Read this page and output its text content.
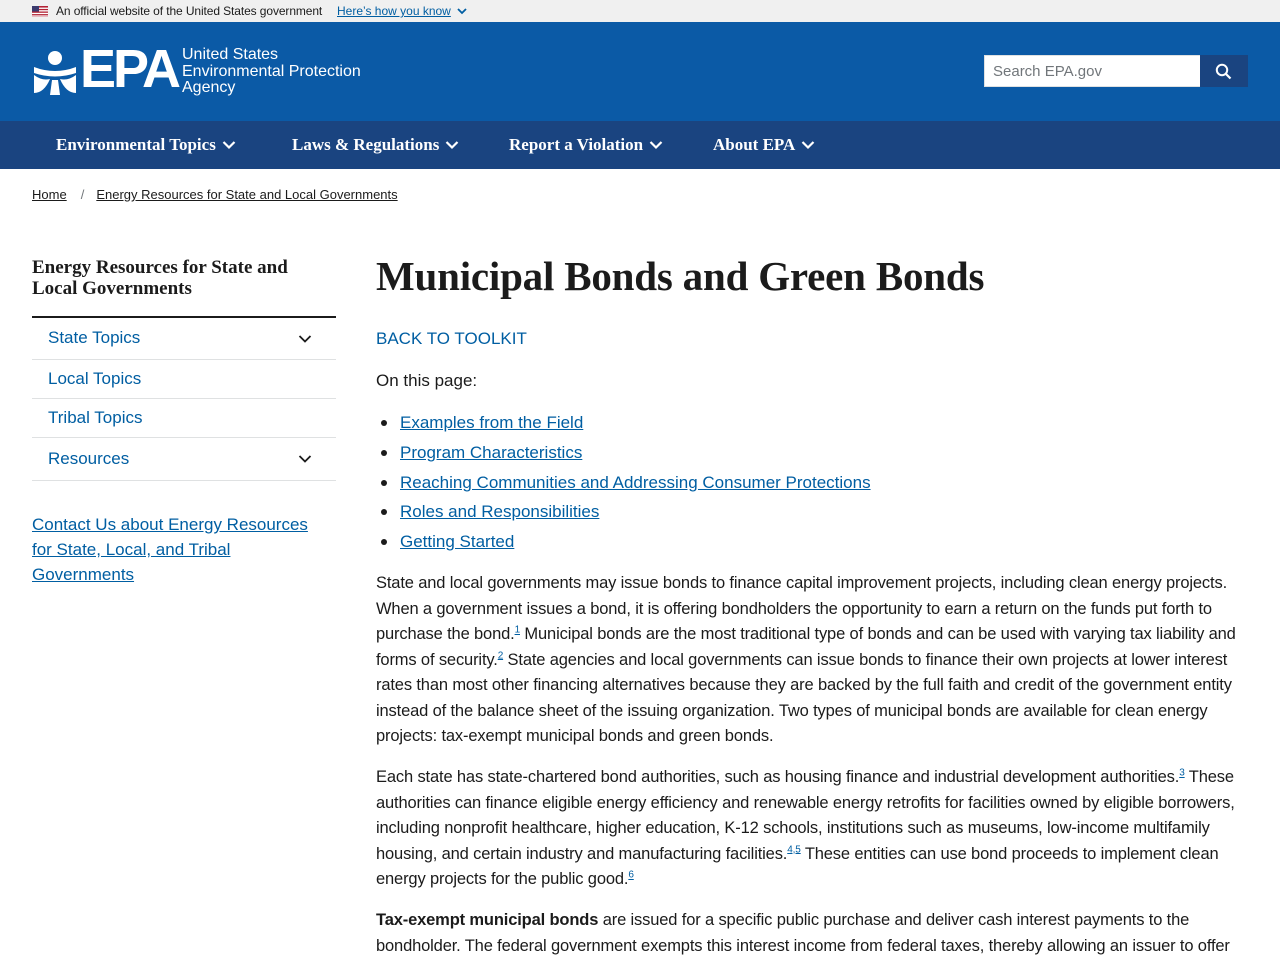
An official website of the United States government Here’s how you know
EPA United States
Environmental Protection
Agency
Search EPA.gov
Environmental Topics	Laws & Regulations	Report a Violation	About EPA
Home / Energy Resources for State and Local Governments
Energy Resources for State and Local Governments
State Topics
Local Topics
Tribal Topics
Resources
Contact Us about Energy Resources for State, Local, and Tribal Governments
Municipal Bonds and Green Bonds
BACK TO TOOLKIT
On this page:
Examples from the Field
Program Characteristics
Reaching Communities and Addressing Consumer Protections
Roles and Responsibilities
Getting Started

State and local governments may issue bonds to finance capital improvement projects, including clean energy projects. When a government issues a bond, it is offering bondholders the opportunity to earn a return on the funds put forth to purchase the bond.$^1$ Municipal bonds are the most traditional type of bonds and can be used with varying tax liability and forms of security.$^2$ State agencies and local governments can issue bonds to finance their own projects at lower interest rates than most other financing alternatives because they are backed by the full faith and credit of the government entity instead of the balance sheet of the issuing organization. Two types of municipal bonds are available for clean energy projects: tax-exempt municipal bonds and green bonds.

Each state has state-chartered bond authorities, such as housing finance and industrial development authorities.$^3$ These authorities can finance eligible energy efficiency and renewable energy retrofits for facilities owned by eligible borrowers, including nonprofit healthcare, higher education, K-12 schools, institutions such as museums, low-income multifamily housing, and certain industry and manufacturing facilities.$^{4,5}$ These entities can use bond proceeds to implement clean energy projects for the public good.$^6$

Tax-exempt municipal bonds are issued for a specific public purchase and deliver cash interest payments to the bondholder. The federal government exempts this interest income from federal taxes, thereby allowing an issuer to offer
